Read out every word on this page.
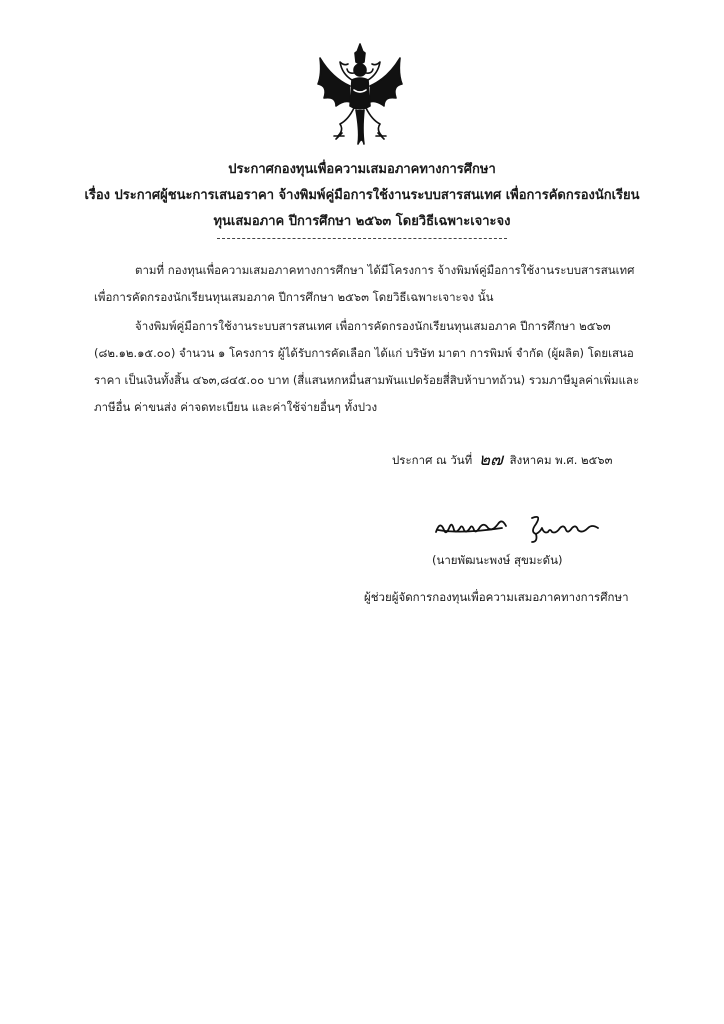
ประกาศกองทุนเพื่อความเสมอภาคทางการศึกษา
เรื่อง ประกาศผู้ชนะการเสนอราคา จ้างพิมพ์คู่มือการใช้งานระบบสารสนเทศ เพื่อการคัดกรองนักเรียน
ทุนเสมอภาค ปีการศึกษา ๒๕๖๓ โดยวิธีเฉพาะเจาะจง
ตามที่ กองทุนเพื่อความเสมอภาคทางการศึกษา ได้มีโครงการ จ้างพิมพ์คู่มือการใช้งานระบบสารสนเทศ
เพื่อการคัดกรองนักเรียนทุนเสมอภาค ปีการศึกษา ๒๕๖๓ โดยวิธีเฉพาะเจาะจง นั้น
จ้างพิมพ์คู่มือการใช้งานระบบสารสนเทศ เพื่อการคัดกรองนักเรียนทุนเสมอภาค ปีการศึกษา ๒๕๖๓
(๘๒.๑๒.๑๕.๐๐) จำนวน ๑ โครงการ ผู้ได้รับการคัดเลือก ได้แก่ บริษัท มาตา การพิมพ์ จำกัด (ผู้ผลิต) โดยเสนอ
ราคา เป็นเงินทั้งสิ้น ๔๖๓,๘๔๕.๐๐ บาท (สี่แสนหกหมื่นสามพันแปดร้อยสี่สิบห้าบาทถ้วน) รวมภาษีมูลค่าเพิ่มและ
ภาษีอื่น ค่าขนส่ง ค่าจดทะเบียน และค่าใช้จ่ายอื่นๆ ทั้งปวง
ประกาศ ณ วันที่ ๒๗ สิงหาคม พ.ศ. ๒๕๖๓
(นายพัฒนะพงษ์ สุขมะดัน)
ผู้ช่วยผู้จัดการกองทุนเพื่อความเสมอภาคทางการศึกษา
